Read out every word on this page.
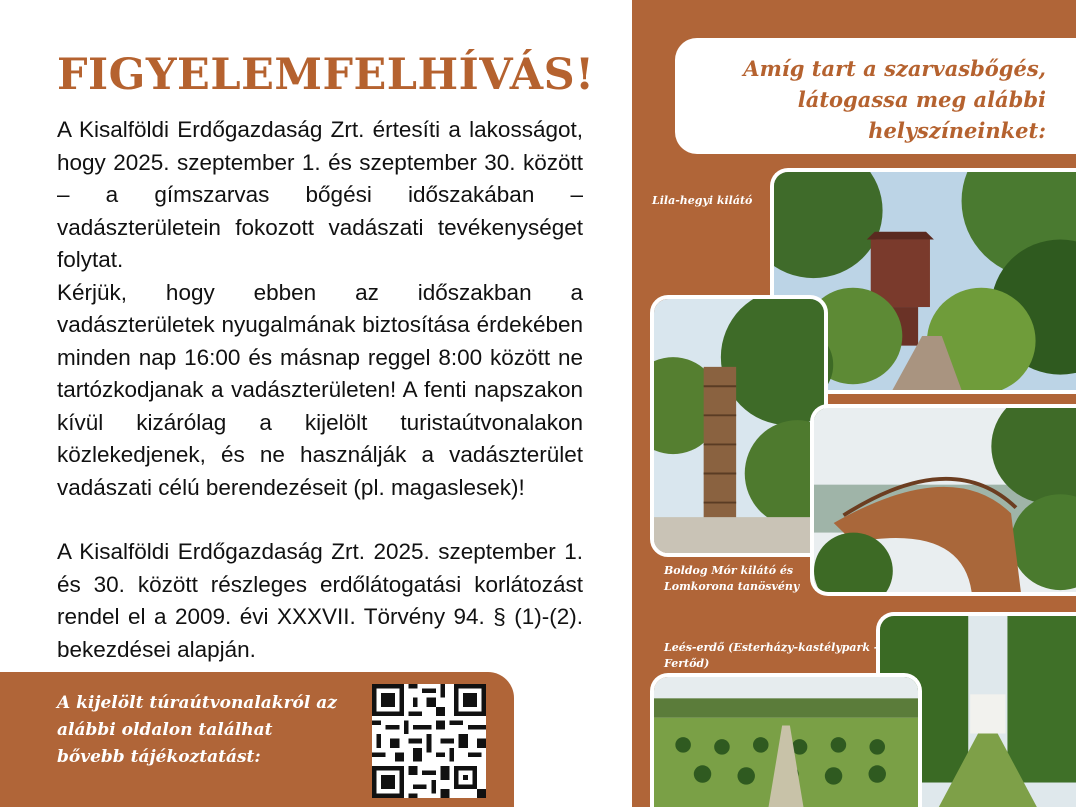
FIGYELEMFELHÍVÁS!

A Kisalföldi Erdőgazdaság Zrt. értesíti a lakosságot, hogy 2025. szeptember 1. és szeptember 30. között – a gímszarvas bőgési időszakában – vadászterületein fokozott vadászati tevékenységet folytat.

Kérjük, hogy ebben az időszakban a vadászterületek nyugalmának biztosítása érdekében minden nap 16:00 és másnap reggel 8:00 között ne tartózkodjanak a vadászterületen! A fenti napszakon kívül kizárólag a kijelölt turistaútvonalakon közlekedjenek, és ne használják a vadászterület vadászati célú berendezéseit (pl. magaslesek)!

A Kisalföldi Erdőgazdaság Zrt. 2025. szeptember 1. és 30. között részleges erdőlátogatási korlátozást rendel el a 2009. évi XXXVII. Törvény 94. § (1)-(2). bekezdései alapján.

A kijelölt túraútvonalakról az alábbi oldalon találhat bővebb tájékoztatást:
Amíg tart a szarvasbőgés, látogassa meg alábbi helyszíneinket:
Lila-hegyi kilátó
Boldog Mór kilátó és Lomkorona tanösvény
Leés-erdő (Esterházy-kastélypark – Fertőd)
